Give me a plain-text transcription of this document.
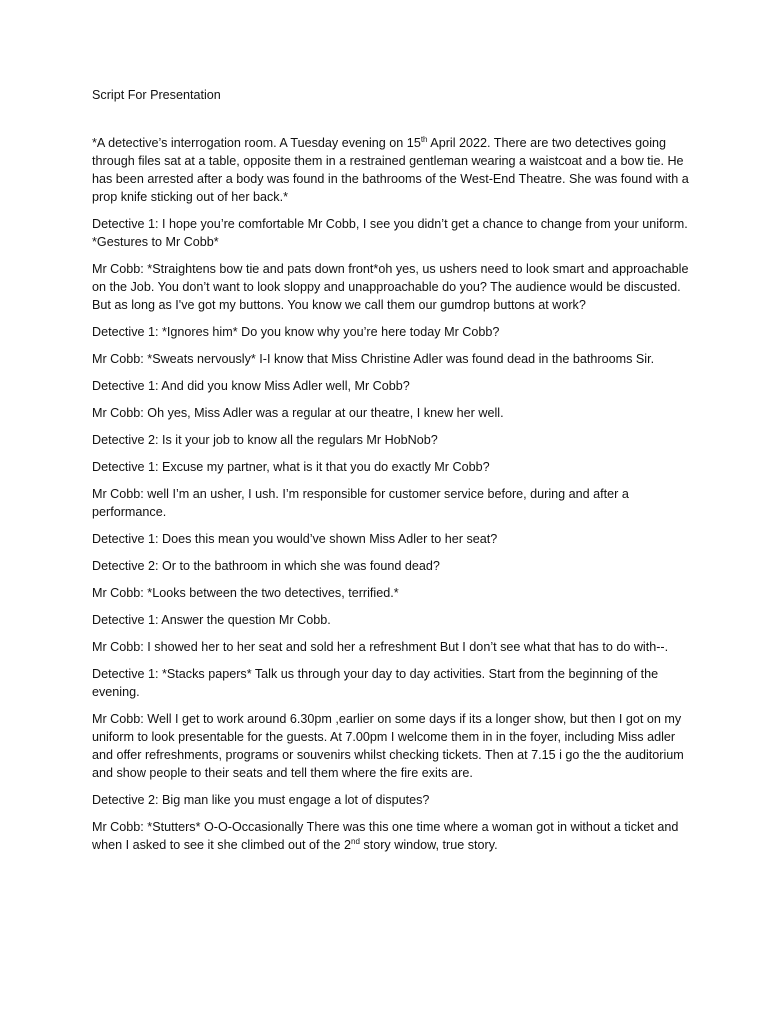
Script For Presentation

*A detective’s interrogation room. A Tuesday evening on 15th April 2022. There are two detectives going through files sat at a table, opposite them in a restrained gentleman wearing a waistcoat and a bow tie. He has been arrested after a body was found in the bathrooms of the West-End Theatre. She was found with a prop knife sticking out of her back.*

Detective 1: I hope you’re comfortable Mr Cobb, I see you didn’t get a chance to change from your uniform. *Gestures to Mr Cobb*

Mr Cobb: *Straightens bow tie and pats down front*oh yes, us ushers need to look smart and approachable on the Job. You don’t want to look sloppy and unapproachable do you? The audience would be discusted. But as long as I've got my buttons. You know we call them our gumdrop buttons at work?

Detective 1: *Ignores him* Do you know why you’re here today Mr Cobb?

Mr Cobb: *Sweats nervously* I-I know that Miss Christine Adler was found dead in the bathrooms Sir.

Detective 1: And did you know Miss Adler well, Mr Cobb?

Mr Cobb: Oh yes, Miss Adler was a regular at our theatre, I knew her well.

Detective 2: Is it your job to know all the regulars Mr HobNob?

Detective 1: Excuse my partner, what is it that you do exactly Mr Cobb?

Mr Cobb: well I’m an usher, I ush. I’m responsible for customer service before, during and after a performance.

Detective 1: Does this mean you would’ve shown Miss Adler to her seat?

Detective 2: Or to the bathroom in which she was found dead?

Mr Cobb: *Looks between the two detectives, terrified.*

Detective 1: Answer the question Mr Cobb.

Mr Cobb: I showed her to her seat and sold her a refreshment But I don’t see what that has to do with--.

Detective 1: *Stacks papers* Talk us through your day to day activities. Start from the beginning of the evening.

Mr Cobb: Well I get to work around 6.30pm ,earlier on some days if its a longer show, but then I got on my uniform to look presentable for the guests. At 7.00pm I welcome them in in the foyer, including Miss adler and offer refreshments, programs or souvenirs whilst checking tickets. Then at 7.15 i go the the auditorium and show people to their seats and tell them where the fire exits are.

Detective 2: Big man like you must engage a lot of disputes?

Mr Cobb: *Stutters* O-O-Occasionally There was this one time where a woman got in without a ticket and when I asked to see it she climbed out of the 2nd story window, true story.
